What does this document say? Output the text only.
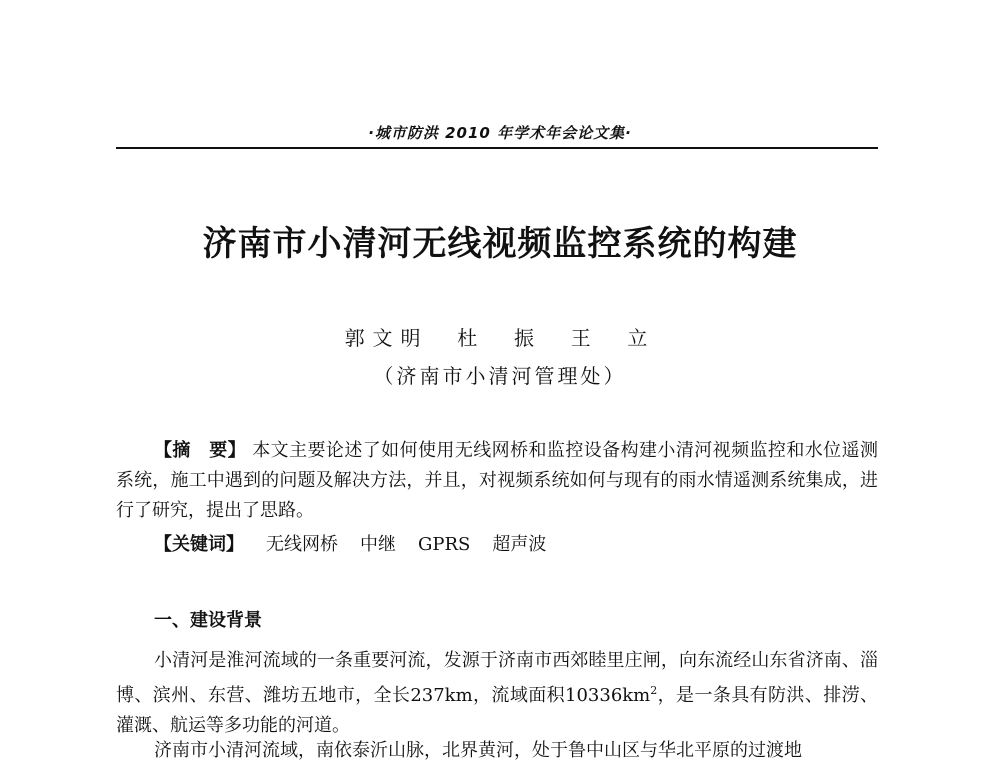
·城市防洪 2010 年学术年会论文集·
济南市小清河无线视频监控系统的构建
郭文明  杜  振  王  立
（济南市小清河管理处）
【摘　要】 本文主要论述了如何使用无线网桥和监控设备构建小清河视频监控和水位遥测系统，施工中遇到的问题及解决方法，并且，对视频系统如何与现有的雨水情遥测系统集成，进行了研究，提出了思路。
【关键词】 无线网桥 中继 GPRS 超声波
一、建设背景
小清河是淮河流域的一条重要河流，发源于济南市西郊睦里庄闸，向东流经山东省济南、淄博、滨州、东营、潍坊五地市，全长237km，流域面积$10336km^2$，是一条具有防洪、排涝、灌溉、航运等多功能的河道。
济南市小清河流域，南依泰沂山脉，北界黄河，处于鲁中山区与华北平原的过渡地
